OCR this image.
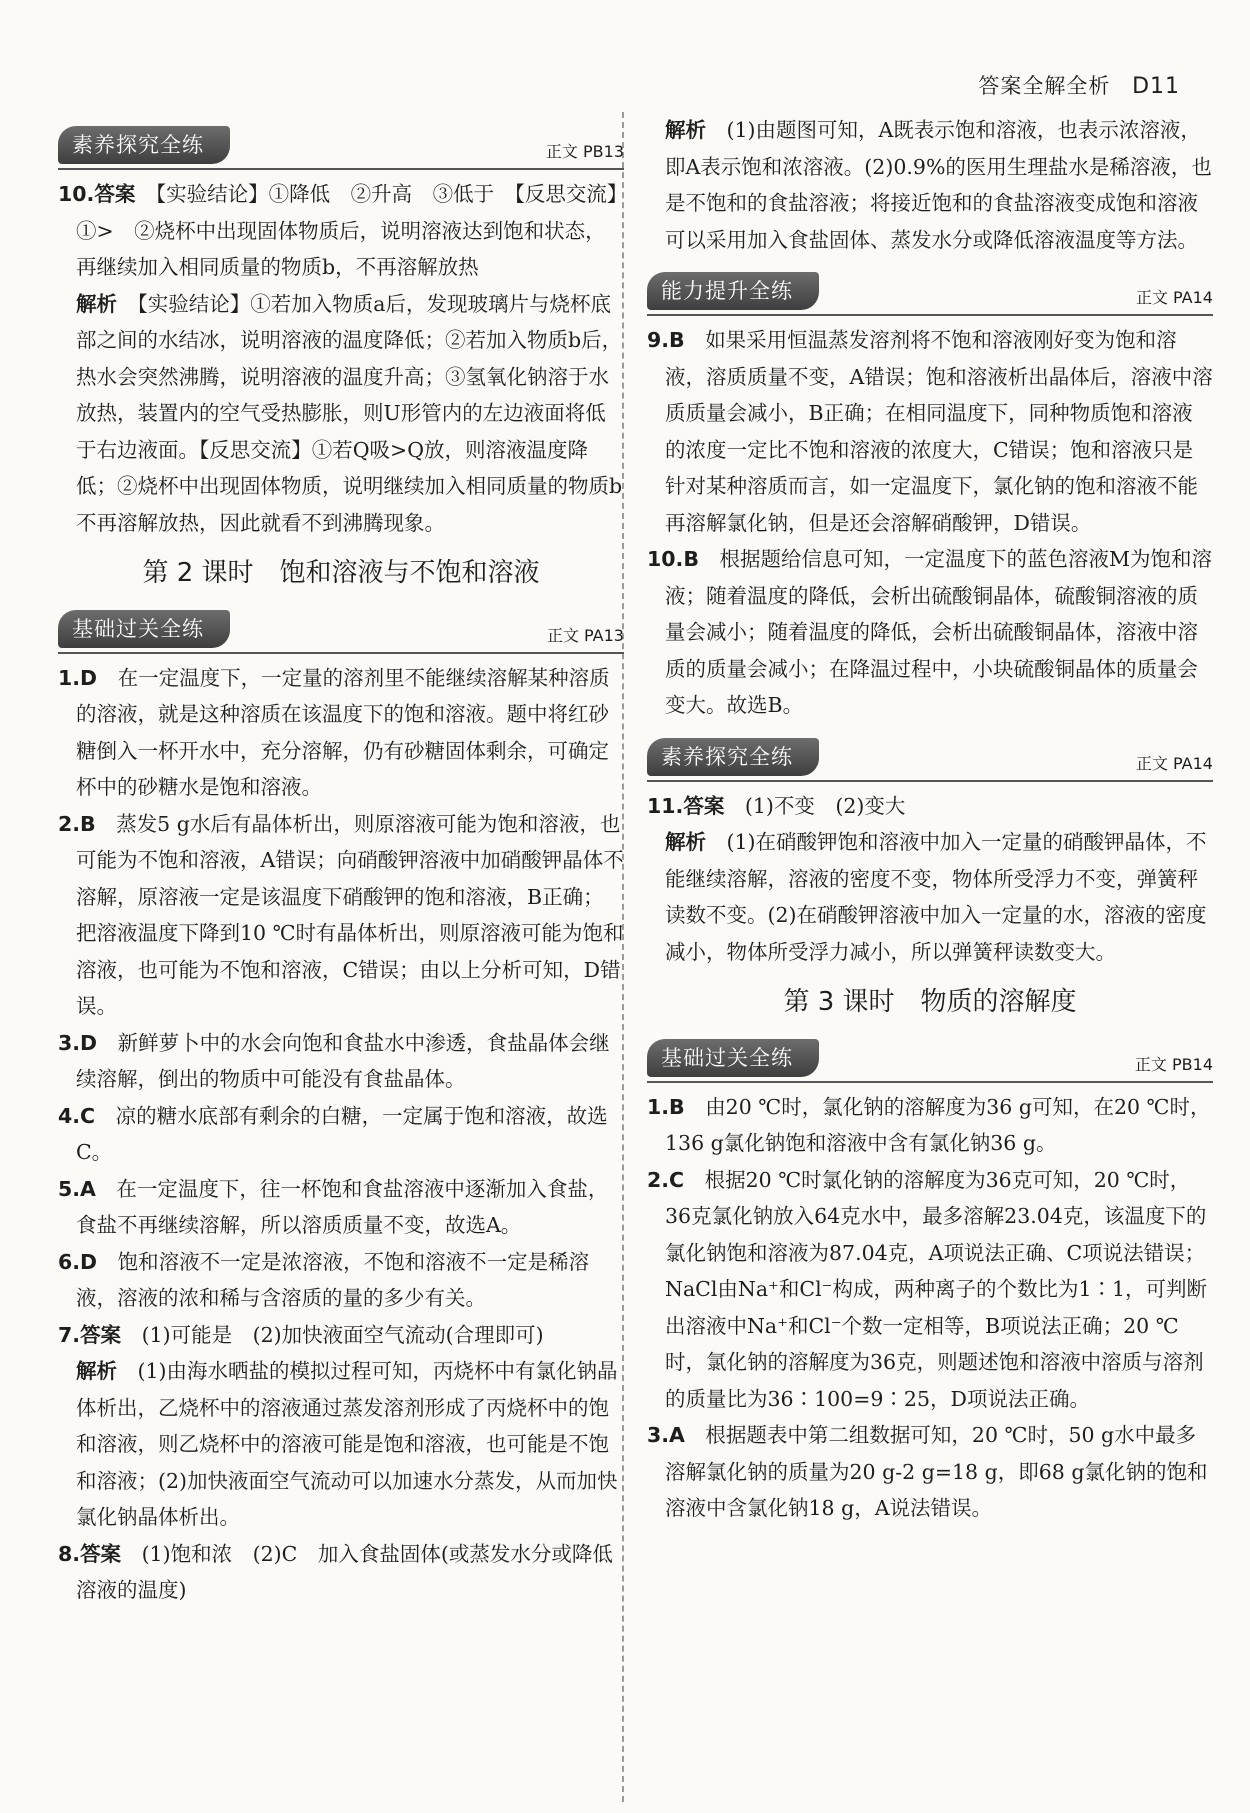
答案全解全析 D11
素养探究全练	正文 PB13

10.答案　 【实验结论】①降低　②升高　③低于　【反思交流】①>　②烧杯中出现固体物质后，说明溶液达到饱和状态，再继续加入相同质量的物质b，不再溶解放热

解析　 【实验结论】①若加入物质a后，发现玻璃片与烧杯底部之间的水结冰，说明溶液的温度降低；②若加入物质b后，热水会突然沸腾，说明溶液的温度升高；③氢氧化钠溶于水放热，装置内的空气受热膨胀，则U形管内的左边液面将低于右边液面。【反思交流】①若Q吸>Q放，则溶液温度降低；②烧杯中出现固体物质，说明继续加入相同质量的物质b不再溶解放热，因此就看不到沸腾现象。

第 2 课时　饱和溶液与不饱和溶液
基础过关全练	正文 PA13

1.D　 在一定温度下，一定量的溶剂里不能继续溶解某种溶质的溶液，就是这种溶质在该温度下的饱和溶液。题中将红砂糖倒入一杯开水中，充分溶解，仍有砂糖固体剩余，可确定杯中的砂糖水是饱和溶液。

2.B　 蒸发5 g水后有晶体析出，则原溶液可能为饱和溶液，也可能为不饱和溶液，A错误；向硝酸钾溶液中加硝酸钾晶体不溶解，原溶液一定是该温度下硝酸钾的饱和溶液，B正确；把溶液温度下降到10 ℃时有晶体析出，则原溶液可能为饱和溶液，也可能为不饱和溶液，C错误；由以上分析可知，D错误。

3.D　 新鲜萝卜中的水会向饱和食盐水中渗透，食盐晶体会继续溶解，倒出的物质中可能没有食盐晶体。

4.C　 凉的糖水底部有剩余的白糖，一定属于饱和溶液，故选C。

5.A　 在一定温度下，往一杯饱和食盐溶液中逐渐加入食盐，食盐不再继续溶解，所以溶质质量不变，故选A。

6.D　 饱和溶液不一定是浓溶液，不饱和溶液不一定是稀溶液，溶液的浓和稀与含溶质的量的多少有关。

7.答案　 (1)可能是　(2)加快液面空气流动(合理即可)

解析　 (1)由海水晒盐的模拟过程可知，丙烧杯中有氯化钠晶体析出，乙烧杯中的溶液通过蒸发溶剂形成了丙烧杯中的饱和溶液，则乙烧杯中的溶液可能是饱和溶液，也可能是不饱和溶液；(2)加快液面空气流动可以加速水分蒸发，从而加快氯化钠晶体析出。

8.答案　 (1)饱和浓　(2)C　加入食盐固体(或蒸发水分或降低溶液的温度)

解析　 (1)由题图可知，A既表示饱和溶液，也表示浓溶液，即A表示饱和浓溶液。(2)0.9%的医用生理盐水是稀溶液，也是不饱和的食盐溶液；将接近饱和的食盐溶液变成饱和溶液可以采用加入食盐固体、蒸发水分或降低溶液温度等方法。

能力提升全练	正文 PA14

9.B　 如果采用恒温蒸发溶剂将不饱和溶液刚好变为饱和溶液，溶质质量不变，A错误；饱和溶液析出晶体后，溶液中溶质质量会减小，B正确；在相同温度下，同种物质饱和溶液的浓度一定比不饱和溶液的浓度大，C错误；饱和溶液只是针对某种溶质而言，如一定温度下，氯化钠的饱和溶液不能再溶解氯化钠，但是还会溶解硝酸钾，D错误。

10.B　 根据题给信息可知，一定温度下的蓝色溶液M为饱和溶液；随着温度的降低，会析出硫酸铜晶体，硫酸铜溶液的质量会减小；随着温度的降低，会析出硫酸铜晶体，溶液中溶质的质量会减小；在降温过程中，小块硫酸铜晶体的质量会变大。故选B。

素养探究全练	正文 PA14

11.答案　 (1)不变　(2)变大

解析　 (1)在硝酸钾饱和溶液中加入一定量的硝酸钾晶体，不能继续溶解，溶液的密度不变，物体所受浮力不变，弹簧秤读数不变。(2)在硝酸钾溶液中加入一定量的水，溶液的密度减小，物体所受浮力减小，所以弹簧秤读数变大。

第 3 课时　物质的溶解度
基础过关全练	正文 PB14

1.B　 由20 ℃时，氯化钠的溶解度为36 g可知，在20 ℃时，136 g氯化钠饱和溶液中含有氯化钠36 g。

2.C　 根据20 ℃时氯化钠的溶解度为36克可知，20 ℃时，36克氯化钠放入64克水中，最多溶解23.04克，该温度下的氯化钠饱和溶液为87.04克，A项说法正确、C项说法错误；NaCl由Na⁺和Cl⁻构成，两种离子的个数比为1∶1，可判断出溶液中Na⁺和Cl⁻个数一定相等，B项说法正确；20 ℃时，氯化钠的溶解度为36克，则题述饱和溶液中溶质与溶剂的质量比为36∶100=9∶25，D项说法正确。

3.A　 根据题表中第二组数据可知，20 ℃时，50 g水中最多溶解氯化钠的质量为20 g-2 g=18 g，即68 g氯化钠的饱和溶液中含氯化钠18 g，A说法错误。
